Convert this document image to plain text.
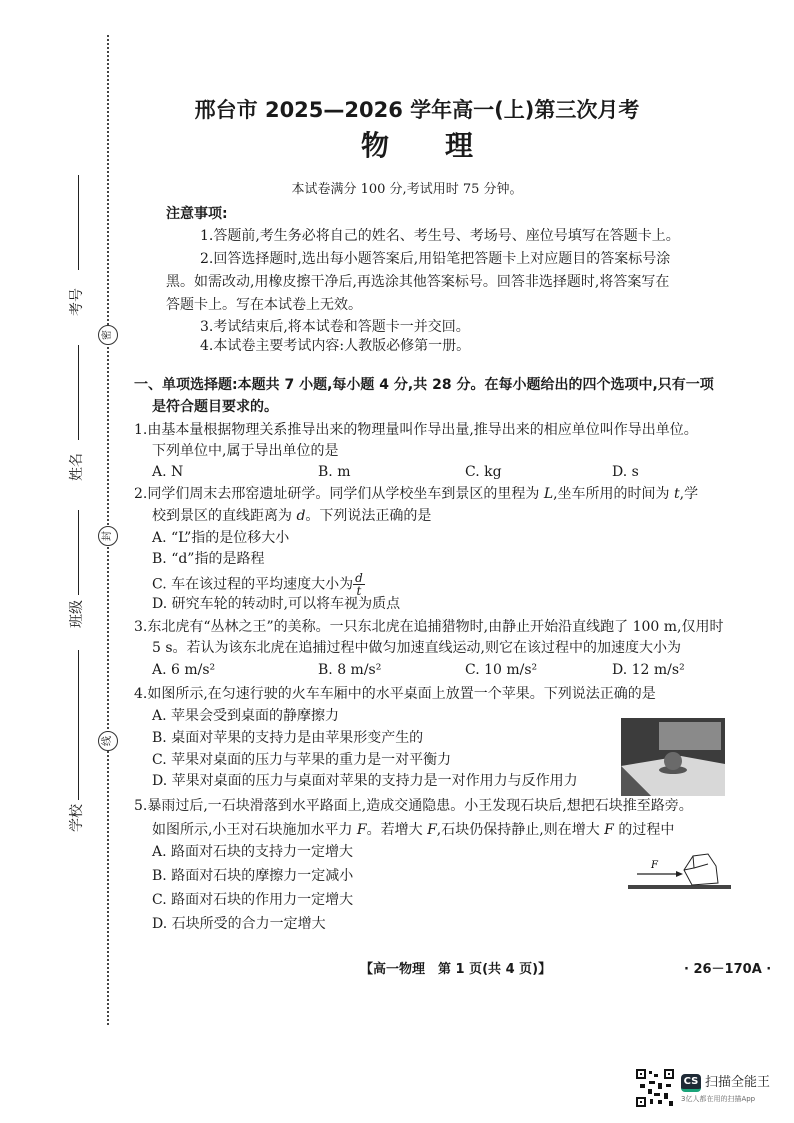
考号
姓名
班级
学校
密
封
线
邢台市 2025—2026 学年高一(上)第三次月考
物　　理
本试卷满分 100 分,考试用时 75 分钟。
注意事项:
1.答题前,考生务必将自己的姓名、考生号、考场号、座位号填写在答题卡上。
2.回答选择题时,选出每小题答案后,用铅笔把答题卡上对应题目的答案标号涂
黑。如需改动,用橡皮擦干净后,再选涂其他答案标号。回答非选择题时,将答案写在
答题卡上。写在本试卷上无效。
3.考试结束后,将本试卷和答题卡一并交回。
4.本试卷主要考试内容:人教版必修第一册。
一、单项选择题:本题共 7 小题,每小题 4 分,共 28 分。在每小题给出的四个选项中,只有一项
是符合题目要求的。
1.由基本量根据物理关系推导出来的物理量叫作导出量,推导出来的相应单位叫作导出单位。
下列单位中,属于导出单位的是
A. N	B. m	C. kg	D. s
2.同学们周末去邢窑遗址研学。同学们从学校坐车到景区的里程为 L,坐车所用的时间为 t,学
校到景区的直线距离为 d。下列说法正确的是
A. “L”指的是位移大小
B. “d”指的是路程
C. 车在该过程的平均速度大小为 $\frac{d}{t}$
D. 研究车轮的转动时,可以将车视为质点
3.东北虎有“丛林之王”的美称。一只东北虎在追捕猎物时,由静止开始沿直线跑了 100 m,仅用时
5 s。若认为该东北虎在追捕过程中做匀加速直线运动,则它在该过程中的加速度大小为
A. 6 m/s²	B. 8 m/s²	C. 10 m/s²	D. 12 m/s²
4.如图所示,在匀速行驶的火车车厢中的水平桌面上放置一个苹果。下列说法正确的是
A. 苹果会受到桌面的静摩擦力
B. 桌面对苹果的支持力是由苹果形变产生的
C. 苹果对桌面的压力与苹果的重力是一对平衡力
D. 苹果对桌面的压力与桌面对苹果的支持力是一对作用力与反作用力
5.暴雨过后,一石块滑落到水平路面上,造成交通隐患。小王发现石块后,想把石块推至路旁。
如图所示,小王对石块施加水平力 F。若增大 F,石块仍保持静止,则在增大 F 的过程中
A. 路面对石块的支持力一定增大
B. 路面对石块的摩擦力一定减小
C. 路面对石块的作用力一定增大
D. 石块所受的合力一定增大
F
【高一物理　第 1 页(共 4 页)】	· 26－170A ·
CS 扫描全能王
3亿人都在用的扫描App
